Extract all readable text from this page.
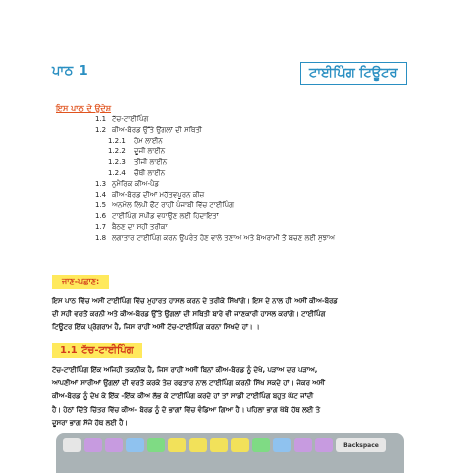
ਪਾਠ 1	ਟਾਈਪਿੰਗ ਟਿਊਟਰ
ਇਸ ਪਾਠ ਦੇ ਉਦੇਸ਼
1.1 ਟੱਚ-ਟਾਈਪਿੰਗ
1.2 ਕੀਅ-ਬੋਰਡ ਉੱਤੇ ਉਂਗਲਾਂ ਦੀ ਸਥਿਤੀ
1.2.1 ਹੋਮ ਲਾਈਨ
1.2.2 ਦੂਜੀ ਲਾਈਨ
1.2.3 ਤੀਜੀ ਲਾਈਨ
1.2.4 ਚੌਥੀ ਲਾਈਨ
1.3 ਨੁਮੈਰਿਕ ਕੀਅ-ਪੈਡ
1.4 ਕੀਅ-ਬੋਰਡ ਦੀਆਂ ਮਹੱਤਵਪੂਰਨ ਕੀਜ਼
1.5 ਅਨਮੋਲ ਲਿਪੀ ਫੌਂਟ ਰਾਹੀਂ ਪੰਜਾਬੀ ਵਿੱਚ ਟਾਈਪਿੰਗ
1.6 ਟਾਈਪਿੰਗ ਸਪੀਡ ਵਧਾਉਣ ਲਈ ਹਿਦਾਇਤਾਂ
1.7 ਬੈਠਣ ਦਾ ਸਹੀ ਤਰੀਕਾ
1.8 ਲਗਾਤਾਰ ਟਾਈਪਿੰਗ ਕਰਨ ਉਪਰੰਤ ਹੋਣ ਵਾਲੇ ਤਣਾਅ ਅਤੇ ਬੇਅਰਾਮੀ ਤੋਂ ਬਚਣ ਲਈ ਸੁਝਾਅ
ਜਾਣ-ਪਛਾਣ:
ਇਸ ਪਾਠ ਵਿੱਚ ਅਸੀਂ ਟਾਈਪਿੰਗ ਵਿੱਚ ਮੁਹਾਰਤ ਹਾਸਲ ਕਰਨ ਦੇ ਤਰੀਕੇ ਸਿੱਖਾਂਗੇ। ਇਸ ਦੇ ਨਾਲ ਹੀ ਅਸੀਂ ਕੀਅ-ਬੋਰਡ
ਦੀ ਸਹੀ ਵਰਤੋਂ ਕਰਨੀ ਅਤੇ ਕੀਅ-ਬੋਰਡ ਉੱਤੇ ਉਂਗਲਾਂ ਦੀ ਸਥਿਤੀ ਬਾਰੇ ਵੀ ਜਾਣਕਾਰੀ ਹਾਸਲ ਕਰਾਂਗੇ। ਟਾਈਪਿੰਗ
ਟਿਊਟਰ ਇੱਕ ਪ੍ਰੋਗਰਾਮ ਹੈ, ਜਿਸ ਰਾਹੀਂ ਅਸੀਂ ਟੱਚ-ਟਾਈਪਿੰਗ ਕਰਨਾ ਸਿਖਦੇ ਹਾਂ। ।
1.1 ਟੱਚ-ਟਾਈਪਿੰਗ
ਟੱਚ-ਟਾਈਪਿੰਗ ਇੱਕ ਅਜਿਹੀ ਤਕਨੀਕ ਹੈ, ਜਿਸ ਰਾਹੀਂ ਅਸੀਂ ਬਿਨਾਂ ਕੀਅ-ਬੋਰਡ ਨੂੰ ਦੇਖੇ, ਪੜਾਅ ਦਰ ਪੜਾਅ,
ਆਪਣੀਆਂ ਸਾਰੀਆਂ ਉਂਗਲਾਂ ਦੀ ਵਰਤੋਂ ਕਰਕੇ ਤੇਜ਼ ਰਫਤਾਰ ਨਾਲ ਟਾਈਪਿੰਗ ਕਰਨੀ ਸਿੱਖ ਸਕਦੇ ਹਾਂ। ਜੇਕਰ ਅਸੀਂ
ਕੀਅ-ਬੋਰਡ ਨੂੰ ਦੇਖ ਕੇ ਇੱਕ -ਇੱਕ ਕੀਅ ਲੱਭ ਕੇ ਟਾਈਪਿੰਗ ਕਰਦੇ ਹਾਂ ਤਾਂ ਸਾਡੀ ਟਾਈਪਿੰਗ ਬਹੁਤ ਘੱਟ ਜਾਂਦੀ
ਹੈ। ਹੇਠਾਂ ਦਿੱਤੇ ਚਿੱਤਰ ਵਿੱਚ ਕੀਅ- ਬੋਰਡ ਨੂੰ ਦੋ ਭਾਗਾਂ ਵਿੱਚ ਵੰਡਿਆ ਗਿਆ ਹੈ। ਪਹਿਲਾ ਭਾਗ ਖੱਬੇ ਹੱਥ ਲਈ ਤੇ
ਦੂਸਰਾ ਭਾਗ ਸੱਜੇ ਹੱਥ ਲਈ ਹੈ।
Backspace
